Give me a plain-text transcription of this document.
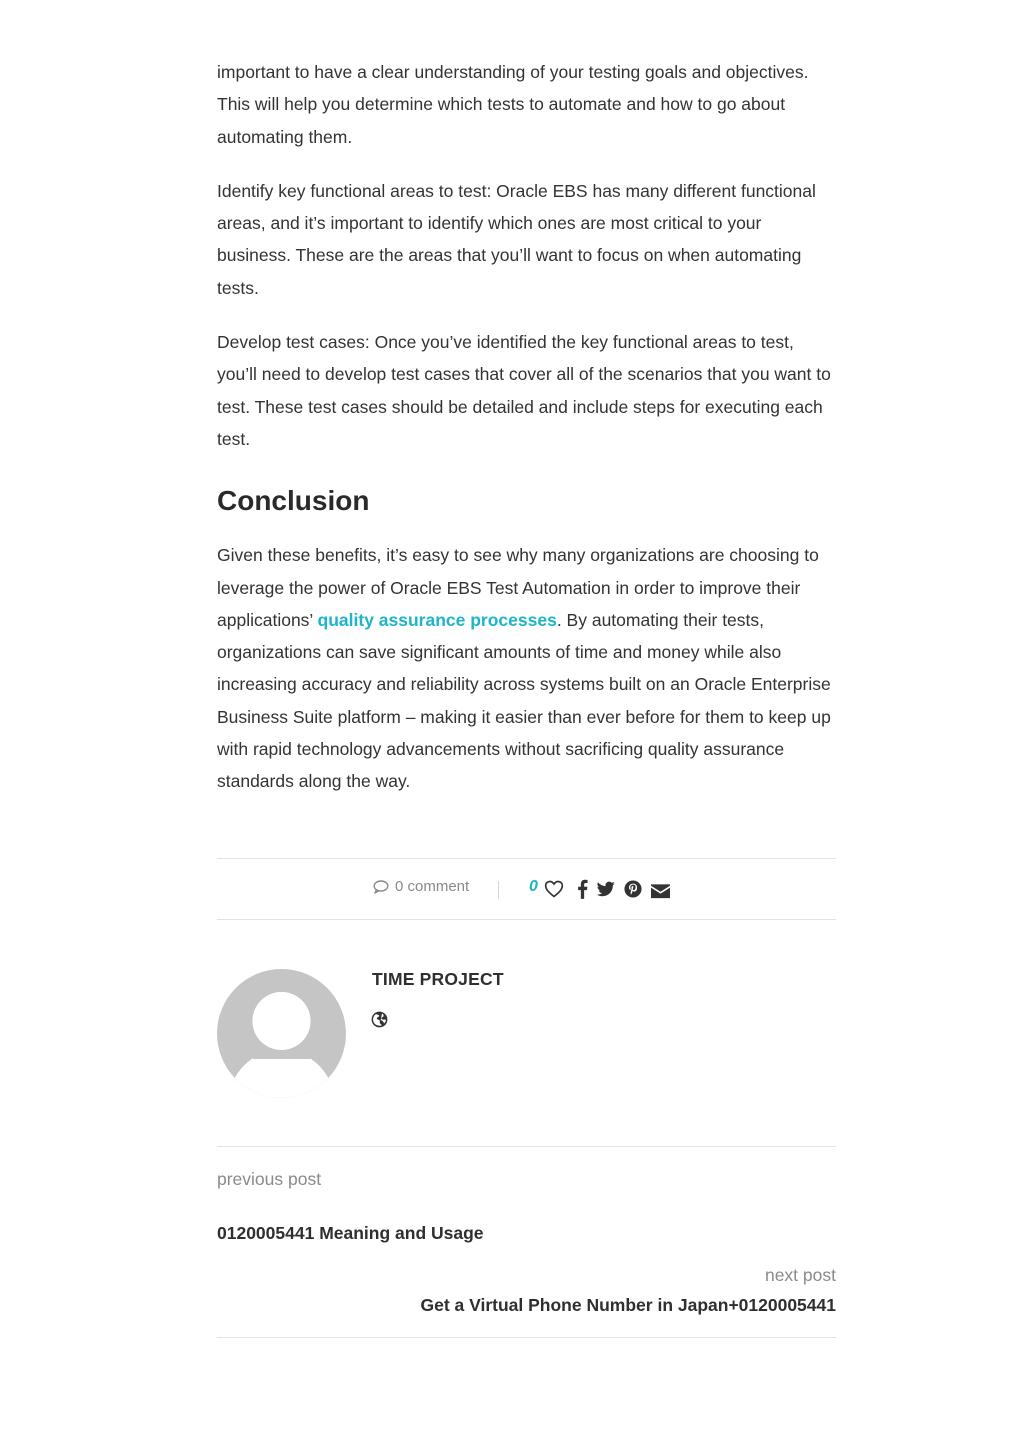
important to have a clear understanding of your testing goals and objectives. This will help you determine which tests to automate and how to go about automating them.

Identify key functional areas to test: Oracle EBS has many different functional areas, and it’s important to identify which ones are most critical to your business. These are the areas that you’ll want to focus on when automating tests.

Develop test cases: Once you’ve identified the key functional areas to test, you’ll need to develop test cases that cover all of the scenarios that you want to test. These test cases should be detailed and include steps for executing each test.

Conclusion

Given these benefits, it’s easy to see why many organizations are choosing to leverage the power of Oracle EBS Test Automation in order to improve their applications’ quality assurance processes. By automating their tests, organizations can save significant amounts of time and money while also increasing accuracy and reliability across systems built on an Oracle Enterprise Business Suite platform – making it easier than ever before for them to keep up with rapid technology advancements without sacrificing quality assurance standards along the way.

0 comment	0
TIME PROJECT
previous post
0120005441 Meaning and Usage
next post
Get a Virtual Phone Number in Japan+0120005441
